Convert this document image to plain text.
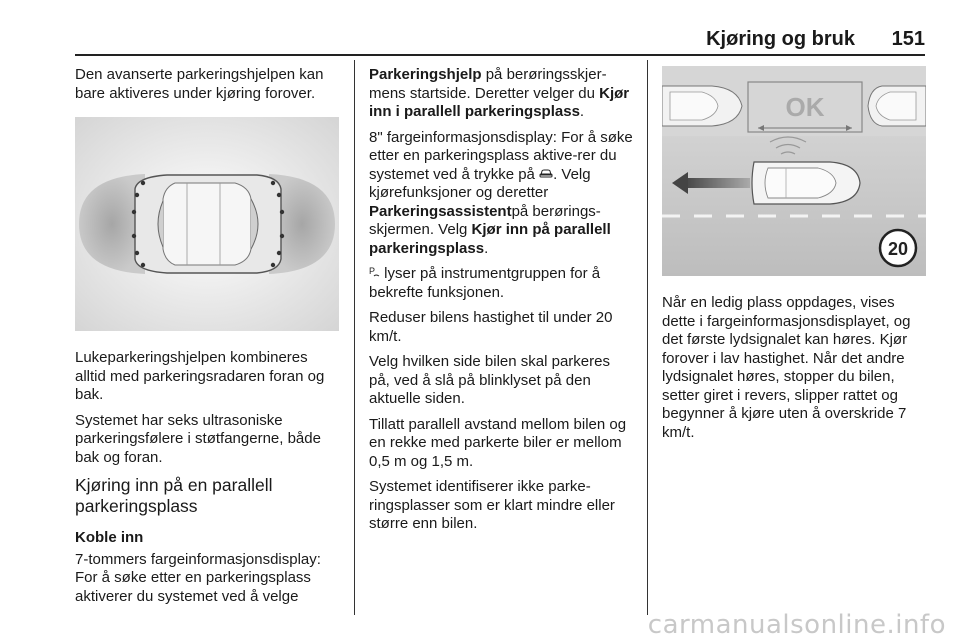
Kjøring og bruk 151

Den avanserte parkeringshjelpen kan bare aktiveres under kjøring forover.

Lukeparkeringshjelpen kombineres alltid med parkeringsradaren foran og bak.

Systemet har seks ultrasoniske parkeringsfølere i støtfangerne, både bak og foran.

Kjøring inn på en parallell parkeringsplass
Koble inn

7-tommers fargeinformasjonsdisplay: For å søke etter en parkeringsplass aktiverer du systemet ved å velge

Parkeringshjelp på berøringsskjer-mens startside. Deretter velger du Kjør inn i parallell parkeringsplass.

8" fargeinformasjonsdisplay: For å søke etter en parkeringsplass aktive-rer du systemet ved å trykke på . Velg kjørefunksjoner og deretter Parkeringsassistentpå berørings-skjermen. Velg Kjør inn på parallell parkeringsplass.

P lyser på instrumentgruppen for å bekrefte funksjonen.

Reduser bilens hastighet til under 20 km/t.

Velg hvilken side bilen skal parkeres på, ved å slå på blinklyset på den aktuelle siden.

Tillatt parallell avstand mellom bilen og en rekke med parkerte biler er mellom 0,5 m og 1,5 m.

Systemet identifiserer ikke parke-ringsplasser som er klart mindre eller større enn bilen.

OK
20

Når en ledig plass oppdages, vises dette i fargeinformasjonsdisplayet, og det første lydsignalet kan høres. Kjør forover i lav hastighet. Når det andre lydsignalet høres, stopper du bilen, setter giret i revers, slipper rattet og begynner å kjøre uten å overskride 7 km/t.

carmanualsonline.info
